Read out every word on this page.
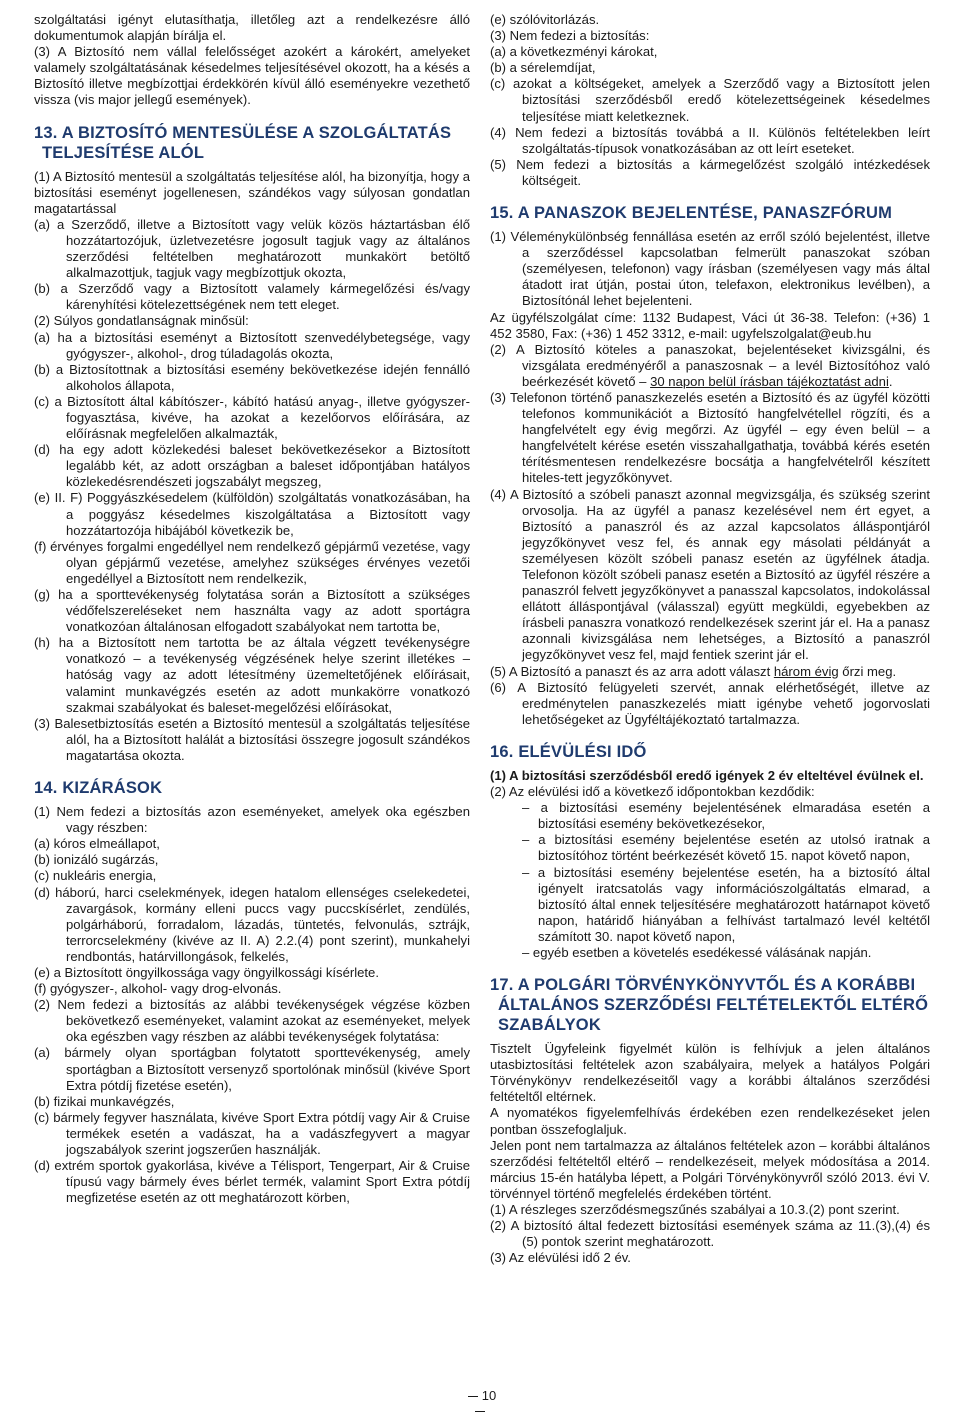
szolgáltatási igényt elutasíthatja, illetőleg azt a rendelkezésre álló dokumentumok alapján bírálja el.

(3) A Biztosító nem vállal felelősséget azokért a károkért, amelyeket valamely szolgáltatásának késedelmes teljesítésével okozott, ha a késés a Biztosító illetve megbízottjai érdekkörén kívül álló eseményekre vezethető vissza (vis major jellegű események).

13. A BIZTOSÍTÓ MENTESÜLÉSE A SZOLGÁLTATÁS
TELJESÍTÉSE ALÓL

(1) A Biztosító mentesül a szolgáltatás teljesítése alól, ha bizonyítja, hogy a biztosítási eseményt jogellenesen, szándékos vagy súlyosan gondatlan magatartással

(a) a Szerződő, illetve a Biztosított vagy velük közös háztartásban élő hozzátartozójuk, üzletvezetésre jogosult tagjuk vagy az általános szerződési feltételben meghatározott munkakört betöltő alkalmazottjuk, tagjuk vagy megbízottjuk okozta,

(b) a Szerződő vagy a Biztosított valamely kármegelőzési és/vagy kárenyhítési kötelezettségének nem tett eleget.

(2) Súlyos gondatlanságnak minősül:

(a) ha a biztosítási eseményt a Biztosított szenvedélybetegsége, vagy gyógyszer-, alkohol-, drog túladagolás okozta,

(b) a Biztosítottnak a biztosítási esemény bekövetkezése idején fennálló alkoholos állapota,

(c) a Biztosított által kábítószer-, kábító hatású anyag-, illetve gyógyszer-fogyasztása, kivéve, ha azokat a kezelőorvos előírására, az előírásnak megfelelően alkalmazták,

(d) ha egy adott közlekedési baleset bekövetkezésekor a Biztosított legalább két, az adott országban a baleset időpontjában hatályos közlekedésrendészeti jogszabályt megszeg,

(e) II. F) Poggyászkésedelem (külföldön) szolgáltatás vonatkozásában, ha a poggyász késedelmes kiszolgáltatása a Biztosított vagy hozzátartozója hibájából következik be,

(f) érvényes forgalmi engedéllyel nem rendelkező gépjármű vezetése, vagy olyan gépjármű vezetése, amelyhez szükséges érvényes vezetői engedéllyel a Biztosított nem rendelkezik,

(g) ha a sporttevékenység folytatása során a Biztosított a szükséges védőfelszereléseket nem használta vagy az adott sportágra vonatkozóan általánosan elfogadott szabályokat nem tartotta be,

(h) ha a Biztosított nem tartotta be az általa végzett tevékenységre vonatkozó – a tevékenység végzésének helye szerint illetékes – hatóság vagy az adott létesítmény üzemeltetőjének előírásait, valamint munkavégzés esetén az adott munkakörre vonatkozó szakmai szabályokat és baleset-megelőzési előírásokat,

(3) Balesetbiztosítás esetén a Biztosító mentesül a szolgáltatás teljesítése alól, ha a Biztosított halálát a biztosítási összegre jogosult szándékos magatartása okozta.

14. KIZÁRÁSOK

(1) Nem fedezi a biztosítás azon eseményeket, amelyek oka egészben vagy részben:

(a) kóros elmeállapot,

(b) ionizáló sugárzás,

(c) nukleáris energia,

(d) háború, harci cselekmények, idegen hatalom ellenséges cselekedetei, zavargások, kormány elleni puccs vagy puccskísérlet, zendülés, polgárháború, forradalom, lázadás, tüntetés, felvonulás, sztrájk, terrorcselekmény (kivéve az II. A) 2.2.(4) pont szerint), munkahelyi rendbontás, határvillongások, felkelés,

(e) a Biztosított öngyilkossága vagy öngyilkossági kísérlete.

(f) gyógyszer-, alkohol- vagy drog-elvonás.

(2) Nem fedezi a biztosítás az alábbi tevékenységek végzése közben bekövetkező eseményeket, valamint azokat az eseményeket, melyek oka egészben vagy részben az alábbi tevékenységek folytatása:

(a) bármely olyan sportágban folytatott sporttevékenység, amely sportágban a Biztosított versenyző sportolónak minősül (kivéve Sport Extra pótdíj fizetése esetén),

(b) fizikai munkavégzés,

(c) bármely fegyver használata, kivéve Sport Extra pótdíj vagy Air & Cruise termékek esetén a vadászat, ha a vadászfegyvert a magyar jogszabályok szerint jogszerűen használják.

(d) extrém sportok gyakorlása, kivéve a Télisport, Tengerpart, Air & Cruise típusú vagy bármely éves bérlet termék, valamint Sport Extra pótdíj megfizetése esetén az ott meghatározott körben,

(e) szólóvitorlázás.

(3) Nem fedezi a biztosítás:

(a) a következményi károkat,

(b) a sérelemdíjat,

(c) azokat a költségeket, amelyek a Szerződő vagy a Biztosított jelen biztosítási szerződésből eredő kötelezettségeinek késedelmes teljesítése miatt keletkeznek.

(4) Nem fedezi a biztosítás továbbá a II. Különös feltételekben leírt szolgáltatás-típusok vonatkozásában az ott leírt eseteket.

(5) Nem fedezi a biztosítás a kármegelőzést szolgáló intézkedések költségeit.

15. A PANASZOK BEJELENTÉSE, PANASZFÓRUM

(1) Véleménykülönbség fennállása esetén az erről szóló bejelentést, illetve a szerződéssel kapcsolatban felmerült panaszokat szóban (személyesen, telefonon) vagy írásban (személyesen vagy más által átadott irat útján, postai úton, telefaxon, elektronikus levélben), a Biztosítónál lehet bejelenteni.

Az ügyfélszolgálat címe: 1132 Budapest, Váci út 36-38. Telefon: (+36) 1 452 3580, Fax: (+36) 1 452 3312, e-mail: ugyfelszolgalat@eub.hu

(2) A Biztosító köteles a panaszokat, bejelentéseket kivizsgálni, és vizsgálata eredményéről a panaszosnak – a levél Biztosítóhoz való beérkezését követő – 30 napon belül írásban tájékoztatást adni.

(3) Telefonon történő panaszkezelés esetén a Biztosító és az ügyfél közötti telefonos kommunikációt a Biztosító hangfelvétellel rögzíti, és a hangfelvételt egy évig megőrzi. Az ügyfél – egy éven belül – a hangfelvételt kérése esetén visszahallgathatja, továbbá kérés esetén térítésmentesen rendelkezésre bocsátja a hangfelvételről készített hiteles-tett jegyzőkönyvet.

(4) A Biztosító a szóbeli panaszt azonnal megvizsgálja, és szükség szerint orvosolja. Ha az ügyfél a panasz kezelésével nem ért egyet, a Biztosító a panaszról és az azzal kapcsolatos álláspontjáról jegyzőkönyvet vesz fel, és annak egy másolati példányát a személyesen közölt szóbeli panasz esetén az ügyfélnek átadja. Telefonon közölt szóbeli panasz esetén a Biztosító az ügyfél részére a panaszról felvett jegyzőkönyvet a panasszal kapcsolatos, indokolással ellátott álláspontjával (válasszal) együtt megküldi, egyebekben az írásbeli panaszra vonatkozó rendelkezések szerint jár el. Ha a panasz azonnali kivizsgálása nem lehetséges, a Biztosító a panaszról jegyzőkönyvet vesz fel, majd fentiek szerint jár el.

(5) A Biztosító a panaszt és az arra adott választ három évig őrzi meg.

(6) A Biztosító felügyeleti szervét, annak elérhetőségét, illetve az eredménytelen panaszkezelés miatt igénybe vehető jogorvoslati lehetőségeket az Ügyféltájékoztató tartalmazza.

16. ELÉVÜLÉSI IDŐ

(1) A biztosítási szerződésből eredő igények 2 év elteltével évülnek el.

(2) Az elévülési idő a következő időpontokban kezdődik:

– a biztosítási esemény bejelentésének elmaradása esetén a biztosítási esemény bekövetkezésekor,

– a biztosítási esemény bejelentése esetén az utolsó iratnak a biztosítóhoz történt beérkezését követő 15. napot követő napon,

– a biztosítási esemény bejelentése esetén, ha a biztosító által igényelt iratcsatolás vagy információszolgáltatás elmarad, a biztosító által ennek teljesítésére meghatározott határnapot követő napon, határidő hiányában a felhívást tartalmazó levél keltétől számított 30. napot követő napon,

– egyéb esetben a követelés esedékessé válásának napján.

17. A POLGÁRI TÖRVÉNYKÖNYVTŐL ÉS A KORÁBBI
ÁLTALÁNOS SZERZŐDÉSI FELTÉTELEKTŐL ELTÉRŐ
SZABÁLYOK

Tisztelt Ügyfeleink figyelmét külön is felhívjuk a jelen általános utasbiztosítási feltételek azon szabályaira, melyek a hatályos Polgári Törvénykönyv rendelkezéseitől vagy a korábbi általános szerződési feltételtől eltérnek.

A nyomatékos figyelemfelhívás érdekében ezen rendelkezéseket jelen pontban összefoglaljuk.

Jelen pont nem tartalmazza az általános feltételek azon – korábbi általános szerződési feltételtől eltérő – rendelkezéseit, melyek módosítása a 2014. március 15-én hatályba lépett, a Polgári Törvénykönyvről szóló 2013. évi V. törvénnyel történő megfelelés érdekében történt.

(1) A részleges szerződésmegszűnés szabályai a 10.3.(2) pont szerint.

(2) A biztosító által fedezett biztosítási események száma az 11.(3),(4) és (5) pontok szerint meghatározott.

(3) Az elévülési idő 2 év.

10
